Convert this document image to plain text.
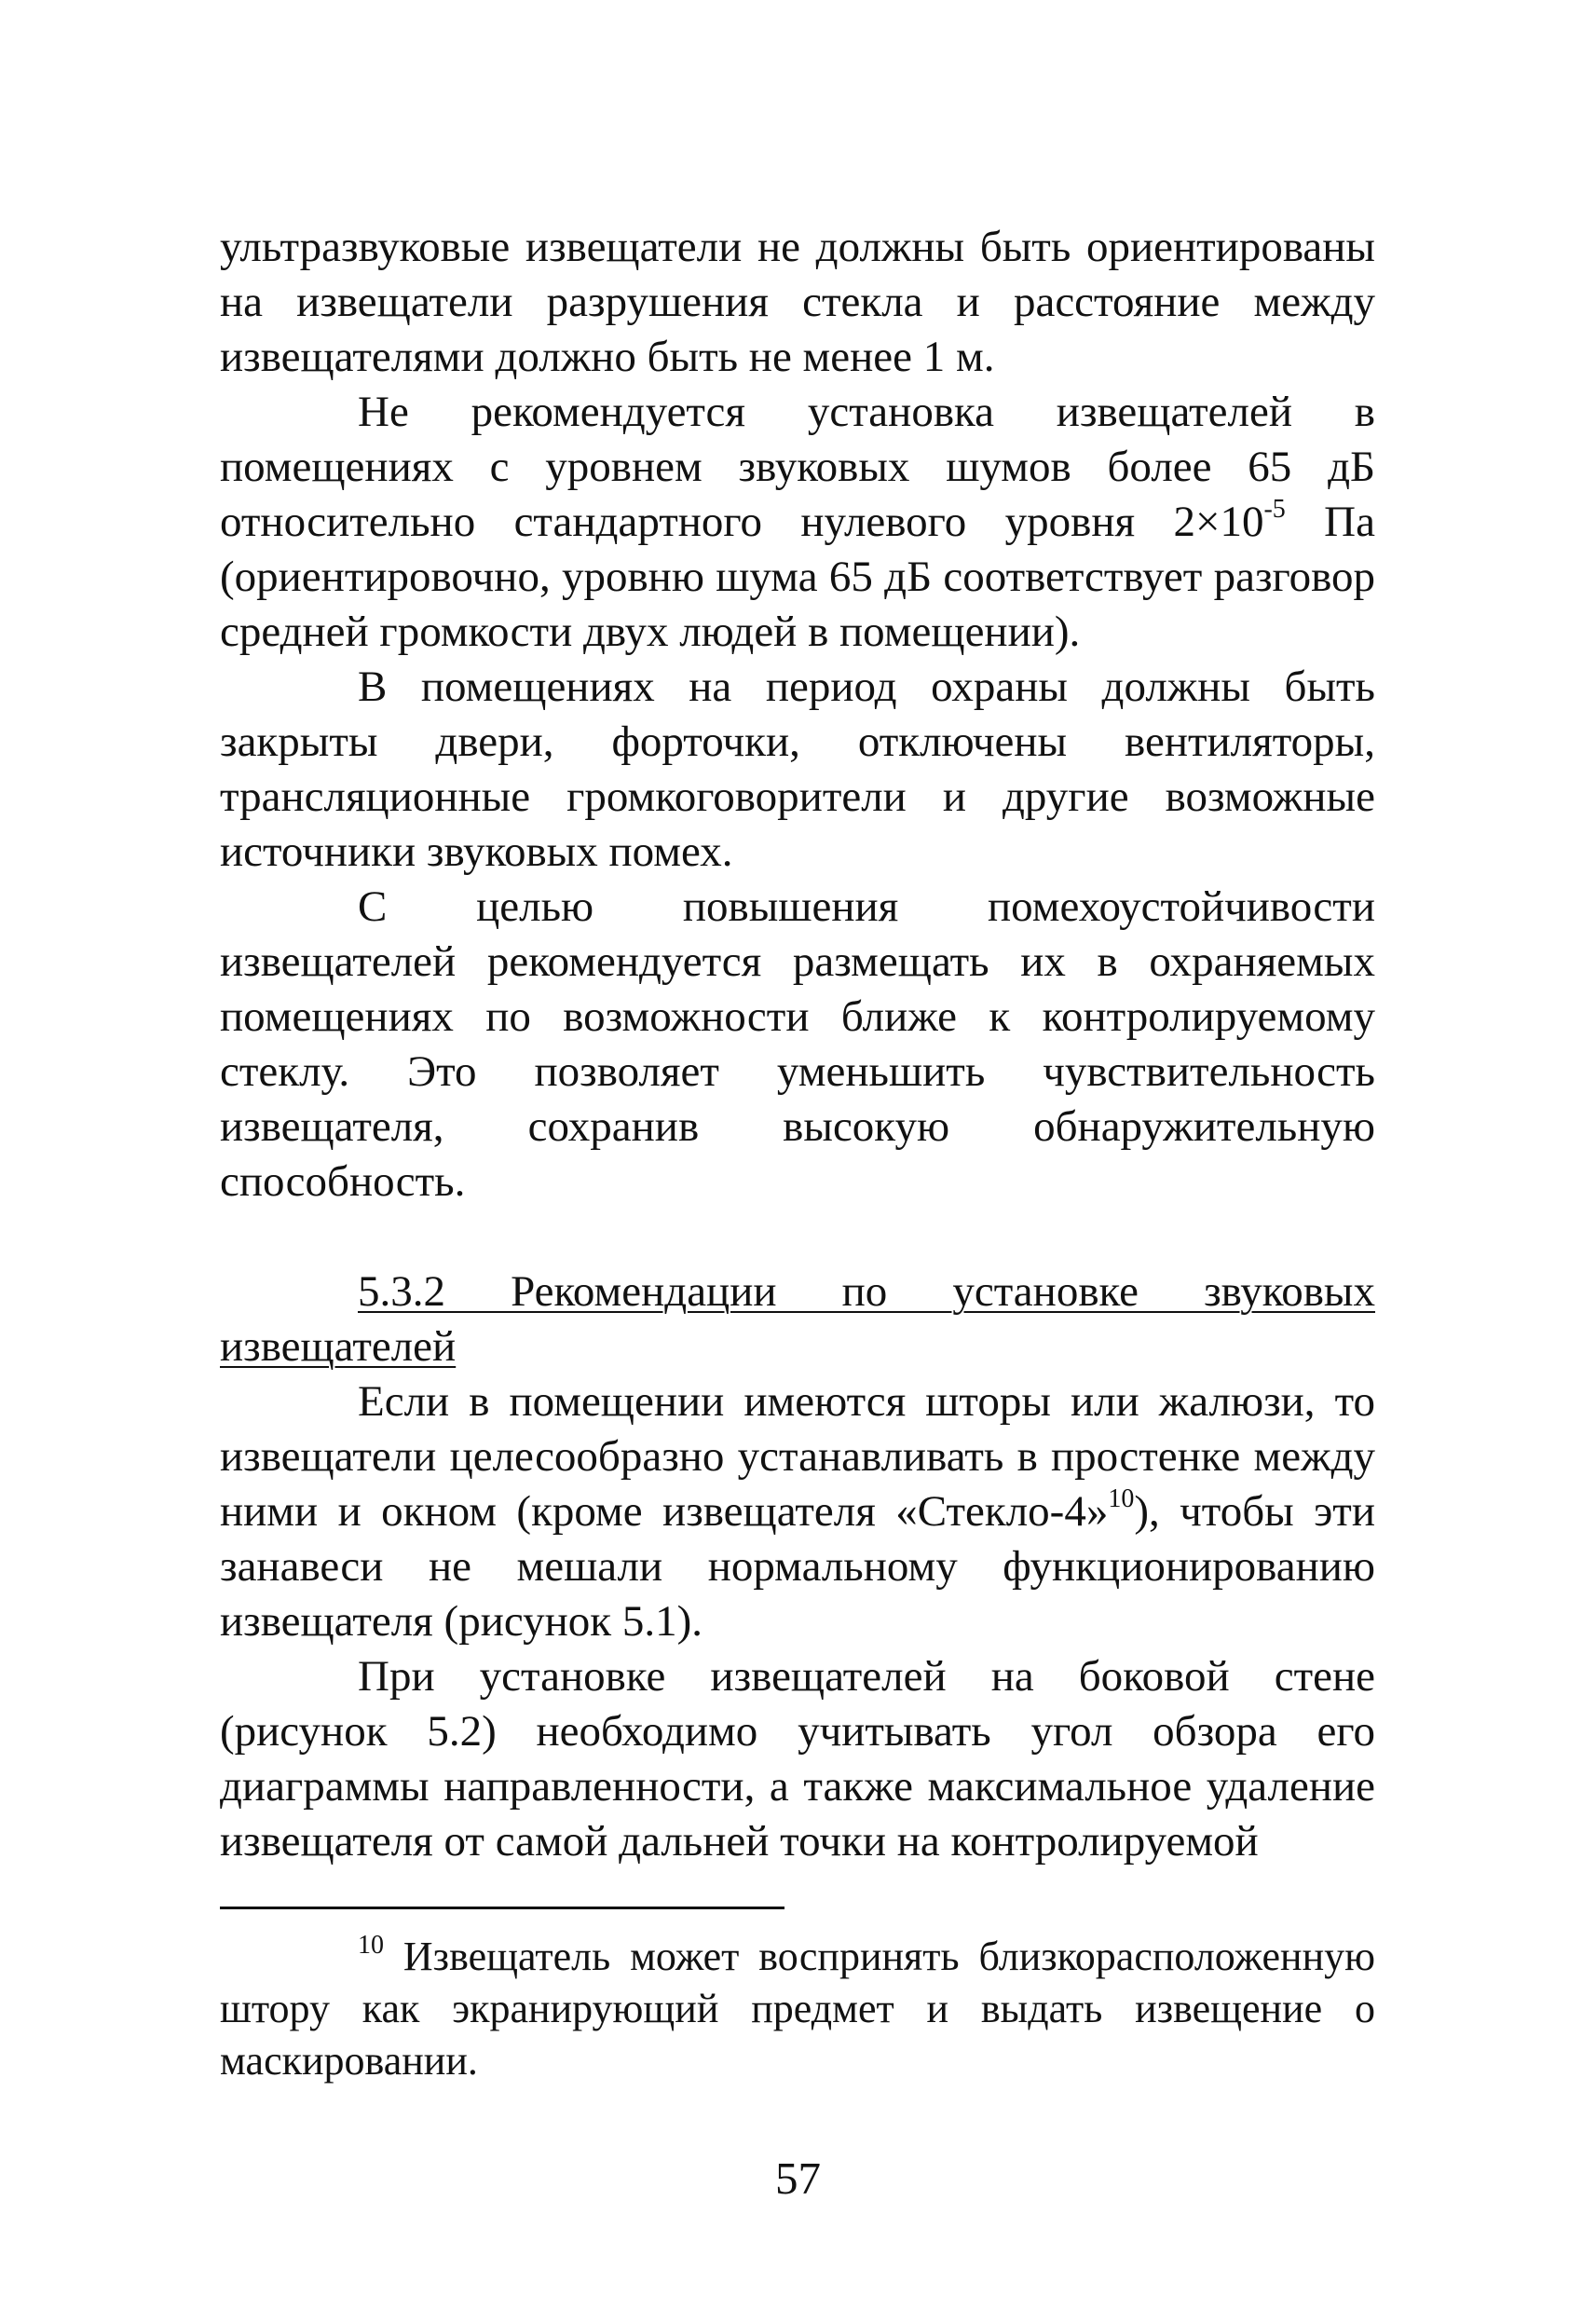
ультразвуковые извещатели не должны быть ориентированы на извещатели разрушения стекла и расстояние между извещателями должно быть не менее 1 м.

Не рекомендуется установка извещателей в помещениях с уровнем звуковых шумов более 65 дБ относительно стандартного нулевого уровня $2\times 10^{-5}$ Па (ориентировочно, уровню шума 65 дБ соответствует разговор средней громкости двух людей в помещении).

В помещениях на период охраны должны быть закрыты двери, форточки, отключены вентиляторы, трансляционные громкоговорители и другие возможные источники звуковых помех.

С целью повышения помехоустойчивости извещателей рекомендуется размещать их в охраняемых помещениях по возможности ближе к контролируемому стеклу. Это позволяет уменьшить чувствительность извещателя, сохранив высокую обнаружительную способность.

5.3.2 Рекомендации по установке звуковых извещателей

Если в помещении имеются шторы или жалюзи, то извещатели целесообразно устанавливать в простенке между ними и окном (кроме извещателя «Стекло-4»$^{10}$), чтобы эти занавеси не мешали нормальному функционированию извещателя (рисунок 5.1).

При установке извещателей на боковой стене (рисунок 5.2) необходимо учитывать угол обзора его диаграммы направленности, а также максимальное удаление извещателя от самой дальней точки на контролируемой

$^{10}$ Извещатель может воспринять близкорасположенную штору как экранирующий предмет и выдать извещение о маскировании.

57
